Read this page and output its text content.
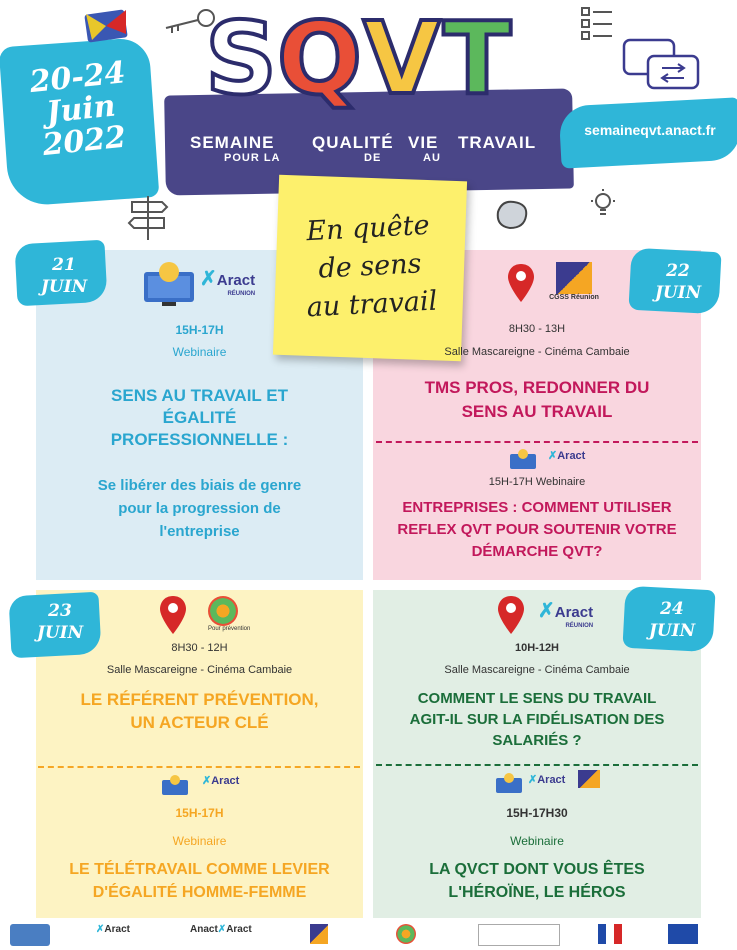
20-24
Juin
2022
S Q V T
SEMAINE QUALITÉ VIE TRAVAIL
POUR LA	DE	AU
semaineqvt.anact.fr
21
JUIN
22
JUIN
23
JUIN
24
JUIN
En quête
de sens
au travail
✗Aract
RÉUNION
15H-17H
Webinaire
SENS AU TRAVAIL ET
ÉGALITÉ
PROFESSIONNELLE :
Se libérer des biais de genre
pour la progression de
l'entreprise
CGSS Réunion
8H30 - 13H
Salle Mascareigne - Cinéma Cambaie
TMS PROS, REDONNER DU
SENS AU TRAVAIL
✗Aract
15H-17H Webinaire
ENTREPRISES : COMMENT UTILISER
REFLEX QVT POUR SOUTENIR VOTRE
DÉMARCHE QVT?
Pour prévention
8H30 - 12H
Salle Mascareigne - Cinéma Cambaie
LE RÉFÉRENT PRÉVENTION,
UN ACTEUR CLÉ
✗Aract
15H-17H
Webinaire
LE TÉLÉTRAVAIL COMME LEVIER
D'ÉGALITÉ HOMME-FEMME
✗Aract
RÉUNION
10H-12H
Salle Mascareigne - Cinéma Cambaie
COMMENT LE SENS DU TRAVAIL
AGIT-IL SUR LA FIDÉLISATION DES
SALARIÉS ?
✗Aract
15H-17H30
Webinaire
LA QVCT DONT VOUS ÊTES
L'HÉROÏNE, LE HÉROS
✗Aract	Anact✗Aract
